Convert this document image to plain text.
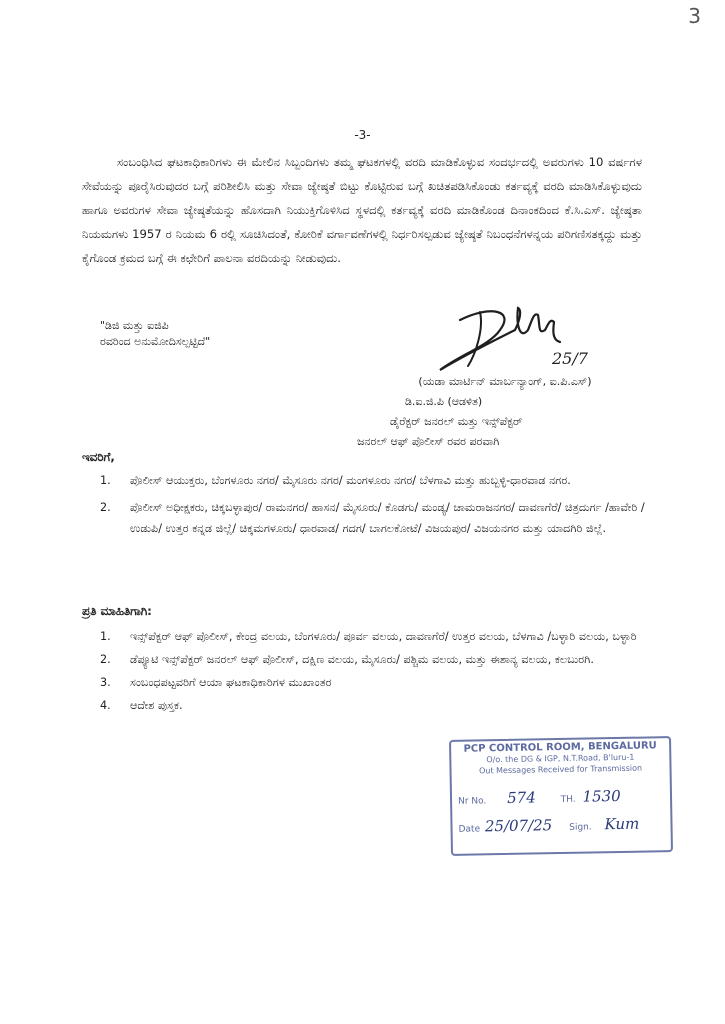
3
-3-
ಸಂಬಂಧಿಸಿದ ಘಟಕಾಧಿಕಾರಿಗಳು ಈ ಮೇಲಿನ ಸಿಬ್ಬಂದಿಗಳು ತಮ್ಮ ಘಟಕಗಳಲ್ಲಿ ವರದಿ ಮಾಡಿಕೊಳ್ಳುವ ಸಂದರ್ಭದಲ್ಲಿ ಅವರುಗಳು 10 ವರ್ಷಗಳ ಸೇವೆಯನ್ನು ಪೂರೈಸಿರುವುದರ ಬಗ್ಗೆ ಪರಿಶೀಲಿಸಿ ಮತ್ತು ಸೇವಾ ಜ್ಯೇಷ್ಠತೆ ಬಿಟ್ಟು ಕೊಟ್ಟಿರುವ ಬಗ್ಗೆ ಖಚಿತಪಡಿಸಿಕೊಂಡು ಕರ್ತವ್ಯಕ್ಕೆ ವರದಿ ಮಾಡಿಸಿಕೊಳ್ಳುವುದು ಹಾಗೂ ಅವರುಗಳ ಸೇವಾ ಜ್ಯೇಷ್ಠತೆಯನ್ನು ಹೊಸದಾಗಿ ನಿಯುಕ್ತಿಗೊಳಿಸಿದ ಸ್ಥಳದಲ್ಲಿ ಕರ್ತವ್ಯಕ್ಕೆ ವರದಿ ಮಾಡಿಕೊಂಡ ದಿನಾಂಕದಿಂದ ಕೆ.ಸಿ.ಎಸ್. ಜ್ಯೇಷ್ಠತಾ ನಿಯಮಗಳು 1957 ರ ನಿಯಮ 6 ರಲ್ಲಿ ಸೂಚಿಸಿದಂತೆ, ಕೋರಿಕೆ ವರ್ಗಾವಣೆಗಳಲ್ಲಿ ನಿರ್ಧರಿಸಲ್ಪಡುವ ಜ್ಯೇಷ್ಠತೆ ನಿಬಂಧನೆಗಳನ್ನಯ ಪರಿಗಣಿಸತಕ್ಕದ್ದು ಮತ್ತು ಕೈಗೊಂಡ ಕ್ರಮದ ಬಗ್ಗೆ ಈ ಕಛೇರಿಗೆ ಪಾಲನಾ ವರದಿಯನ್ನು ನೀಡುವುದು.
"ಡಿಜಿ ಮತ್ತು ಐಜಿಪಿ
ರವರಿಂದ ಅನುಮೋದಿಸಲ್ಪಟ್ಟಿದೆ"
25/7
(ಯಡಾ ಮಾರ್ಟಿನ್ ಮಾರ್ಬನ್ಯಾಂಗ್, ಐ.ಪಿ.ಎಸ್)
ಡಿ.ಐ.ಜಿ.ಪಿ (ಆಡಳಿತ)
ಡೈರೆಕ್ಟರ್ ಜನರಲ್ ಮತ್ತು ಇನ್ಸ್‌ಪೆಕ್ಟರ್
ಜನರಲ್ ಆಫ್ ಪೊಲೀಸ್ ರವರ ಪರವಾಗಿ
ಇವರಿಗೆ,
1. ಪೊಲೀಸ್ ಆಯುಕ್ತರು, ಬೆಂಗಳೂರು ನಗರ/ ಮೈಸೂರು ನಗರ/ ಮಂಗಳೂರು ನಗರ/ ಬೆಳಗಾವಿ ಮತ್ತು ಹುಬ್ಬಳ್ಳಿ-ಧಾರವಾಡ ನಗರ.
2. ಪೊಲೀಸ್ ಅಧೀಕ್ಷಕರು, ಚಿಕ್ಕಬಳ್ಳಾಪುರ/ ರಾಮನಗರ/ ಹಾಸನ/ ಮೈಸೂರು/ ಕೊಡಗು/ ಮಂಡ್ಯ/ ಚಾಮರಾಜನಗರ/ ದಾವಣಗೆರೆ/ ಚಿತ್ರದುರ್ಗ /ಹಾವೇರಿ / ಉಡುಪಿ/ ಉತ್ತರ ಕನ್ನಡ ಜಿಲ್ಲೆ/ ಚಿಕ್ಕಮಗಳೂರು/ ಧಾರವಾಡ/ ಗದಗ/ ಬಾಗಲಕೋಟೆ/ ವಿಜಯಪುರ/ ವಿಜಯನಗರ ಮತ್ತು ಯಾದಗಿರಿ ಜಿಲ್ಲೆ.
ಪ್ರತಿ ಮಾಹಿತಿಗಾಗಿ:
1. ಇನ್ಸ್‌ಪೆಕ್ಟರ್ ಆಫ್ ಪೊಲೀಸ್, ಕೇಂದ್ರ ವಲಯ, ಬೆಂಗಳೂರು/ ಪೂರ್ವ ವಲಯ, ದಾವಣಗೆರೆ/ ಉತ್ತರ ವಲಯ, ಬೆಳಗಾವಿ /ಬಳ್ಳಾರಿ ವಲಯ, ಬಳ್ಳಾರಿ
2. ಡೆಪ್ಯೂಟಿ ಇನ್ಸ್‌ಪೆಕ್ಟರ್ ಜನರಲ್ ಆಫ್ ಪೊಲೀಸ್, ದಕ್ಷಿಣ ವಲಯ, ಮೈಸೂರು/ ಪಶ್ಚಿಮ ವಲಯ, ಮತ್ತು ಈಶಾನ್ಯ ವಲಯ, ಕಲಬುರಗಿ.
3. ಸಂಬಂಧಪಟ್ಟವರಿಗೆ ಆಯಾ ಘಟಕಾಧಿಕಾರಿಗಳ ಮುಖಾಂತರ
4. ಆದೇಶ ಪುಸ್ತಕ.
PCP CONTROL ROOM, BENGALURU
O/o. the DG & IGP, N.T.Road, B'luru-1
Out Messages Received for Transmission
Nr No. 574	TH. 1530
Date 25/07/25 Sign. Kum
